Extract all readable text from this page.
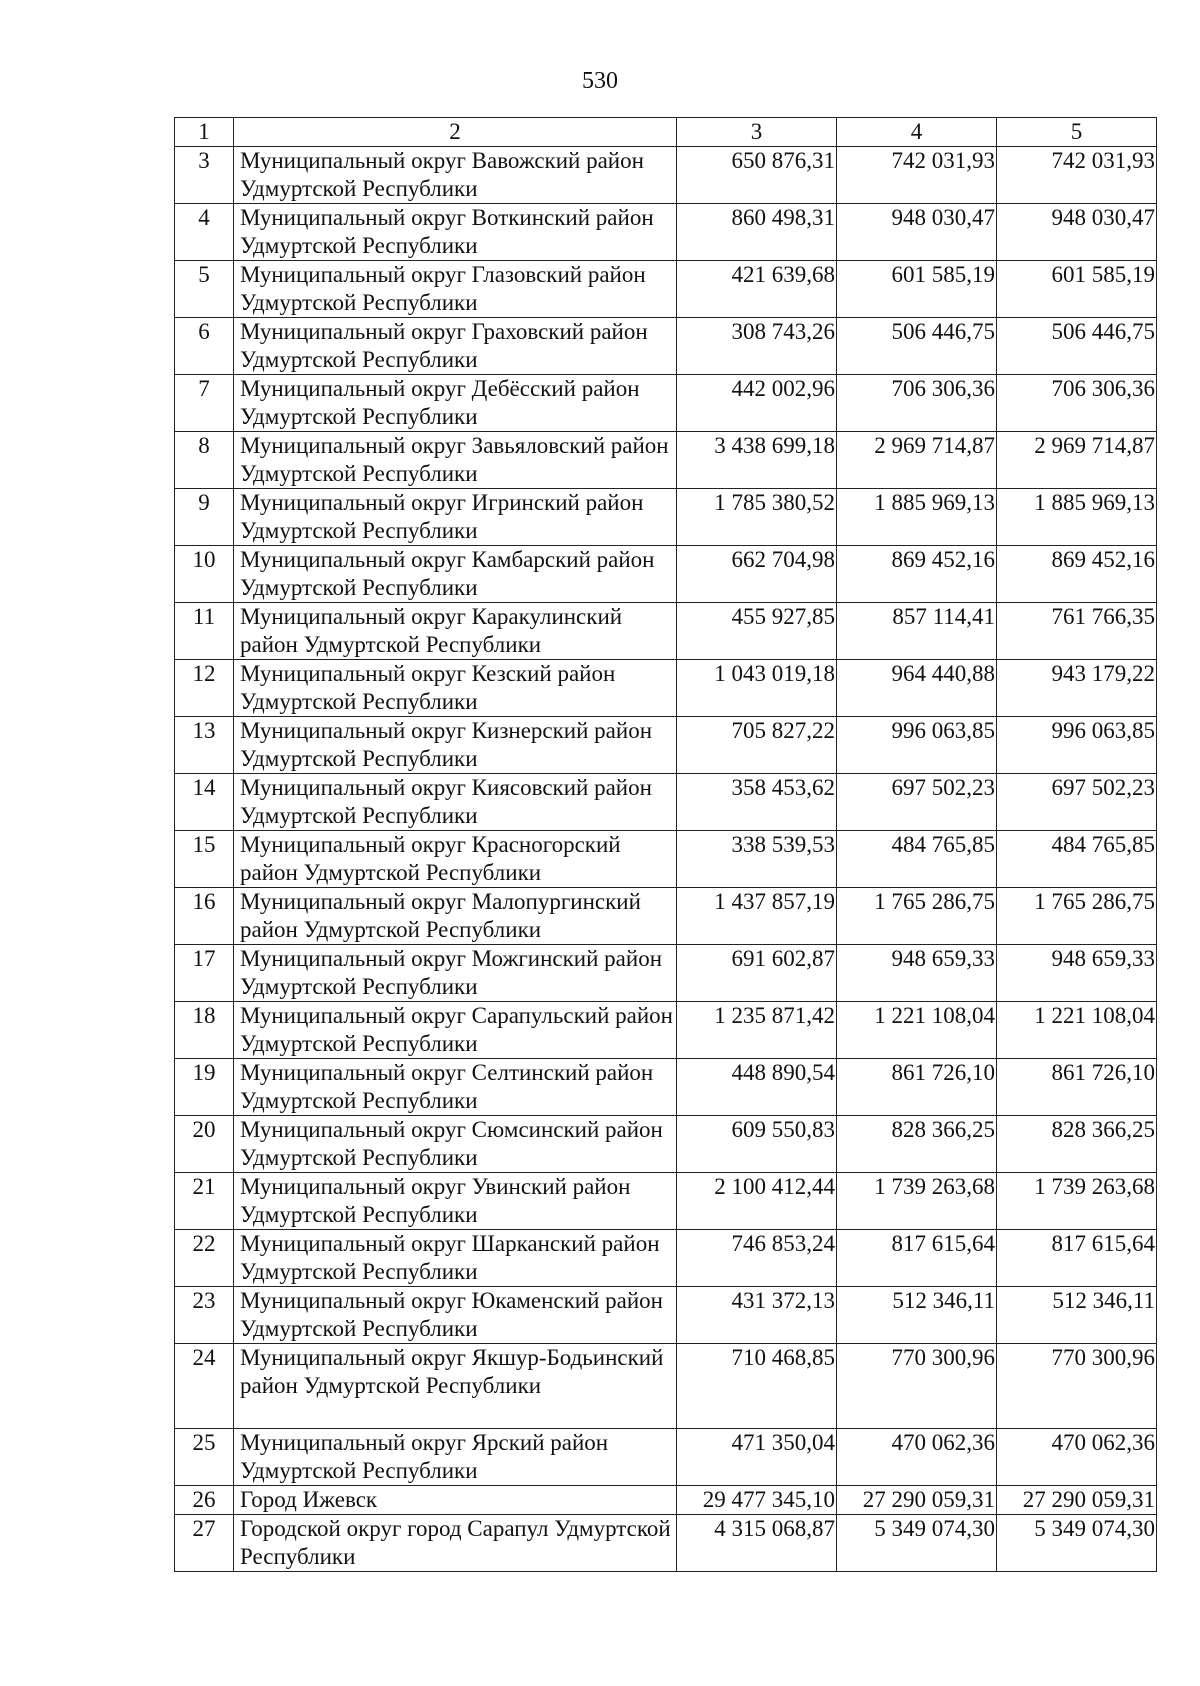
530
1	2	3	4	5
3	Муниципальный округ Вавожский район Удмуртской Республики	650 876,31	742 031,93	742 031,93
4	Муниципальный округ Воткинский район Удмуртской Республики	860 498,31	948 030,47	948 030,47
5	Муниципальный округ Глазовский район Удмуртской Республики	421 639,68	601 585,19	601 585,19
6	Муниципальный округ Граховский район Удмуртской Республики	308 743,26	506 446,75	506 446,75
7	Муниципальный округ Дебёсский район Удмуртской Республики	442 002,96	706 306,36	706 306,36
8	Муниципальный округ Завьяловский район Удмуртской Республики	3 438 699,18	2 969 714,87	2 969 714,87
9	Муниципальный округ Игринский район Удмуртской Республики	1 785 380,52	1 885 969,13	1 885 969,13
10	Муниципальный округ Камбарский район Удмуртской Республики	662 704,98	869 452,16	869 452,16
11	Муниципальный округ Каракулинский район Удмуртской Республики	455 927,85	857 114,41	761 766,35
12	Муниципальный округ Кезский район Удмуртской Республики	1 043 019,18	964 440,88	943 179,22
13	Муниципальный округ Кизнерский район Удмуртской Республики	705 827,22	996 063,85	996 063,85
14	Муниципальный округ Киясовский район Удмуртской Республики	358 453,62	697 502,23	697 502,23
15	Муниципальный округ Красногорский район Удмуртской Республики	338 539,53	484 765,85	484 765,85
16	Муниципальный округ Малопургинский район Удмуртской Республики	1 437 857,19	1 765 286,75	1 765 286,75
17	Муниципальный округ Можгинский район Удмуртской Республики	691 602,87	948 659,33	948 659,33
18	Муниципальный округ Сарапульский район Удмуртской Республики	1 235 871,42	1 221 108,04	1 221 108,04
19	Муниципальный округ Селтинский район Удмуртской Республики	448 890,54	861 726,10	861 726,10
20	Муниципальный округ Сюмсинский район Удмуртской Республики	609 550,83	828 366,25	828 366,25
21	Муниципальный округ Увинский район Удмуртской Республики	2 100 412,44	1 739 263,68	1 739 263,68
22	Муниципальный округ Шарканский район Удмуртской Республики	746 853,24	817 615,64	817 615,64
23	Муниципальный округ Юкаменский район Удмуртской Республики	431 372,13	512 346,11	512 346,11
24	Муниципальный округ Якшур-Бодьинский район Удмуртской Республики	710 468,85	770 300,96	770 300,96
25	Муниципальный округ Ярский район Удмуртской Республики	471 350,04	470 062,36	470 062,36
26	Город Ижевск	29 477 345,10	27 290 059,31	27 290 059,31
27	Городской округ город Сарапул Удмуртской Республики	4 315 068,87	5 349 074,30	5 349 074,30
